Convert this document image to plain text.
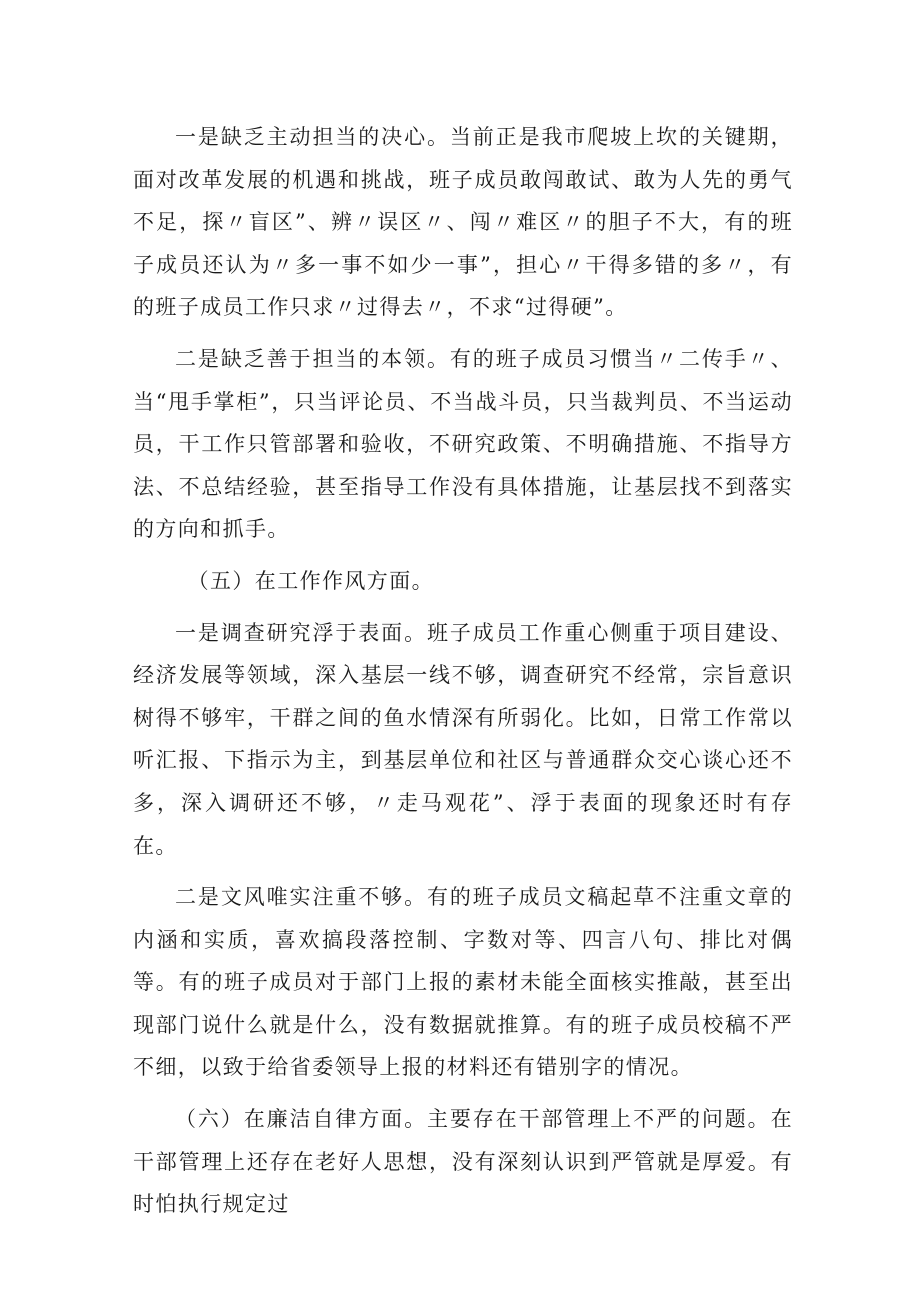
一是缺乏主动担当的决心。当前正是我市爬坡上坎的关键期，面对改革发展的机遇和挑战，班子成员敢闯敢试、敢为人先的勇气不足，探〃盲区”、辨〃误区〃、闯〃难区〃的胆子不大，有的班子成员还认为〃多一事不如少一事”，担心〃干得多错的多〃，有的班子成员工作只求〃过得去〃，不求“过得硬”。

二是缺乏善于担当的本领。有的班子成员习惯当〃二传手〃、当“甩手掌柜”，只当评论员、不当战斗员，只当裁判员、不当运动员，干工作只管部署和验收，不研究政策、不明确措施、不指导方法、不总结经验，甚至指导工作没有具体措施，让基层找不到落实的方向和抓手。

（五）在工作作风方面。

一是调查研究浮于表面。班子成员工作重心侧重于项目建设、经济发展等领域，深入基层一线不够，调查研究不经常，宗旨意识树得不够牢，干群之间的鱼水情深有所弱化。比如，日常工作常以听汇报、下指示为主，到基层单位和社区与普通群众交心谈心还不多，深入调研还不够，〃走马观花”、浮于表面的现象还时有存在。

二是文风唯实注重不够。有的班子成员文稿起草不注重文章的内涵和实质，喜欢搞段落控制、字数对等、四言八句、排比对偶等。有的班子成员对于部门上报的素材未能全面核实推敲，甚至出现部门说什么就是什么，没有数据就推算。有的班子成员校稿不严不细，以致于给省委领导上报的材料还有错别字的情况。

（六）在廉洁自律方面。主要存在干部管理上不严的问题。在干部管理上还存在老好人思想，没有深刻认识到严管就是厚爱。有时怕执行规定过
